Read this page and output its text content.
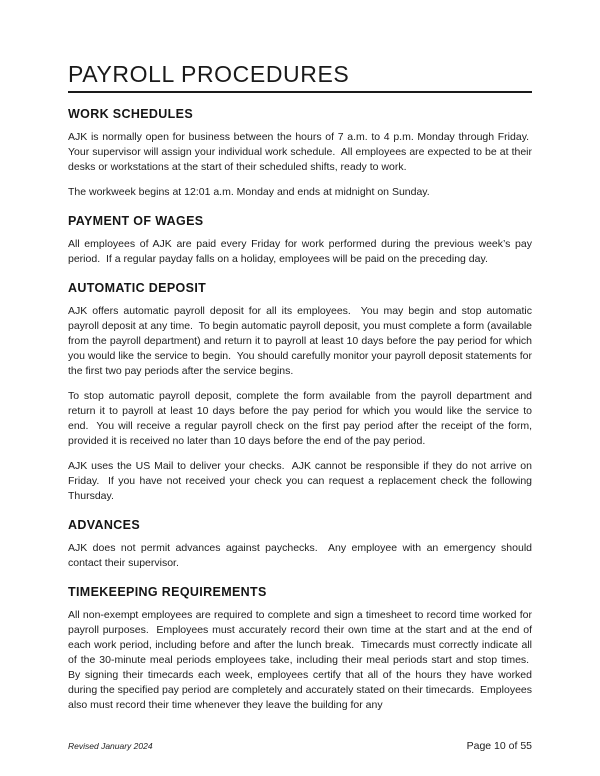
PAYROLL PROCEDURES
WORK SCHEDULES

AJK is normally open for business between the hours of 7 a.m. to 4 p.m. Monday through Friday.  Your supervisor will assign your individual work schedule.  All employees are expected to be at their desks or workstations at the start of their scheduled shifts, ready to work.

The workweek begins at 12:01 a.m. Monday and ends at midnight on Sunday.

PAYMENT OF WAGES

All employees of AJK are paid every Friday for work performed during the previous week’s pay period.  If a regular payday falls on a holiday, employees will be paid on the preceding day.

AUTOMATIC DEPOSIT

AJK offers automatic payroll deposit for all its employees.  You may begin and stop automatic payroll deposit at any time.  To begin automatic payroll deposit, you must complete a form (available from the payroll department) and return it to payroll at least 10 days before the pay period for which you would like the service to begin.  You should carefully monitor your payroll deposit statements for the first two pay periods after the service begins.

To stop automatic payroll deposit, complete the form available from the payroll department and return it to payroll at least 10 days before the pay period for which you would like the service to end.  You will receive a regular payroll check on the first pay period after the receipt of the form, provided it is received no later than 10 days before the end of the pay period.

AJK uses the US Mail to deliver your checks.  AJK cannot be responsible if they do not arrive on Friday.  If you have not received your check you can request a replacement check the following Thursday.

ADVANCES

AJK does not permit advances against paychecks.  Any employee with an emergency should contact their supervisor.

TIMEKEEPING REQUIREMENTS

All non-exempt employees are required to complete and sign a timesheet to record time worked for payroll purposes.  Employees must accurately record their own time at the start and at the end of each work period, including before and after the lunch break.  Timecards must correctly indicate all of the 30-minute meal periods employees take, including their meal periods start and stop times.  By signing their timecards each week, employees certify that all of the hours they have worked during the specified pay period are completely and accurately stated on their timecards.  Employees also must record their time whenever they leave the building for any

Revised January 2024	Page 10 of 55
